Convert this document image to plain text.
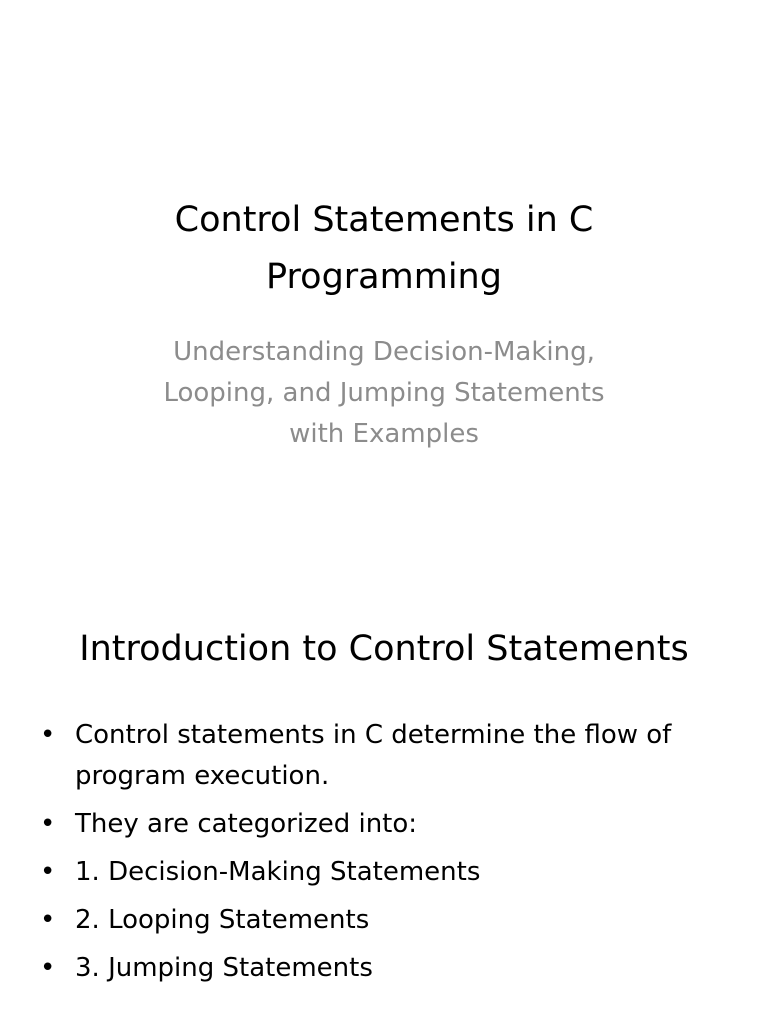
Control Statements in C
Programming
Understanding Decision-Making,
Looping, and Jumping Statements
with Examples
Introduction to Control Statements
• Control statements in C determine the flow of
program execution.
• They are categorized into:
• 1. Decision-Making Statements
• 2. Looping Statements
• 3. Jumping Statements
